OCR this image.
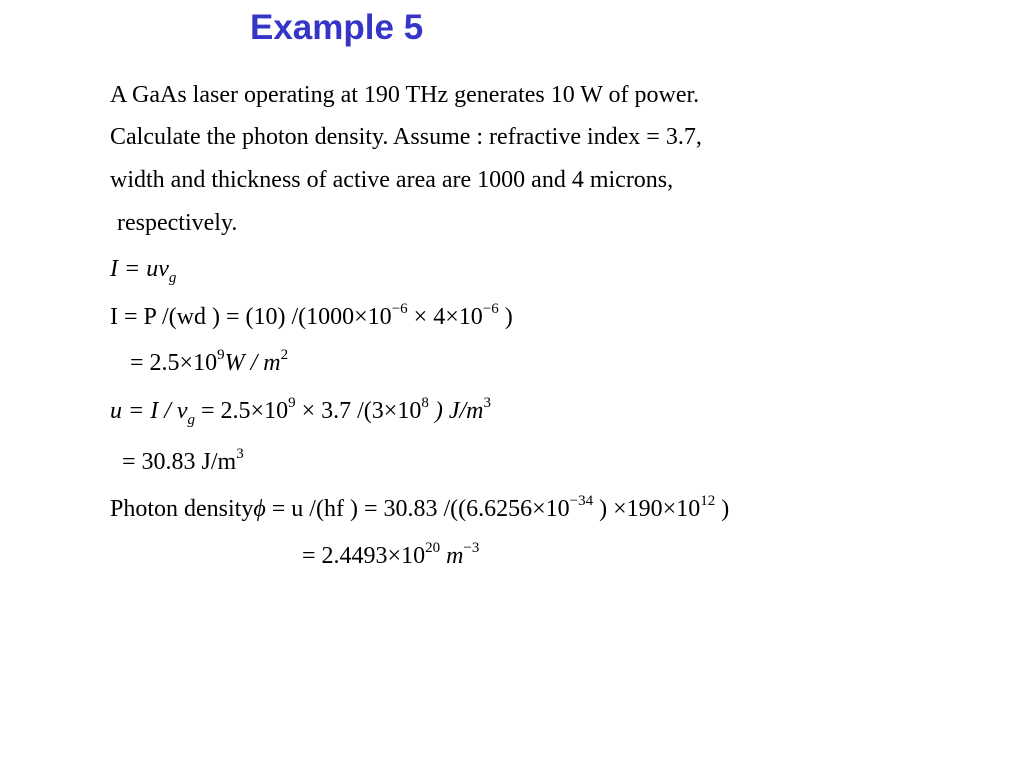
Example 5
A GaAs laser operating at 190 THz generates 10 W of power.
Calculate the photon density. Assume : refractive index = 3.7,
width and thickness of active area are 1000 and 4 microns,
respectively.
$I = uv_g$
I = P /(wd ) = (10) $/(1000\times 10^{-6} \times 4\times 10^{-6}$ )
= $2.5\times 10^9W / m^2$
$u = I / v_g = 2.5\times 10^9 \times 3.7$ $/(3\times 10^8$ ) $J/m^3$
= 30.83 $J/m^3$
Photon densityϕ = u /(hf ) = 30.83 $/((6.6256\times 10^{-34}$ ) $\times 190\times 10^{12}$ )
= $2.4493\times 10^{20}$ $m^{-3}$
